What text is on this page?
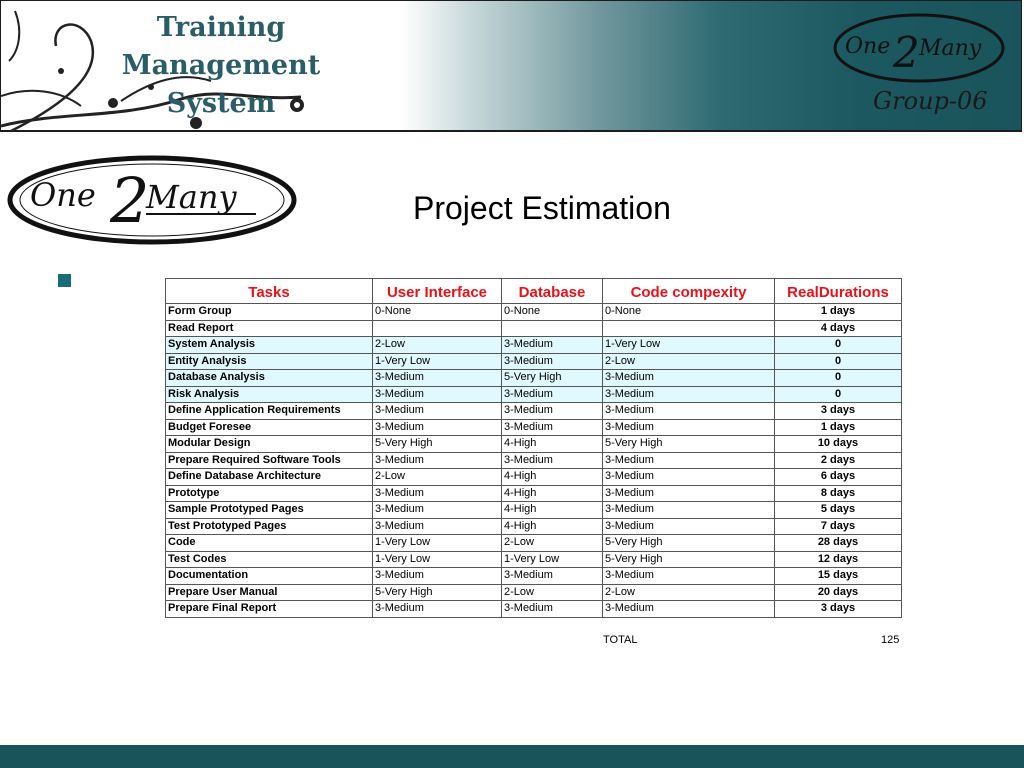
Training Management
System
One 2 Many
Group-06
One 2
Many	Project Estimation
Tasks	User Interface	Database	Code compexity	RealDurations
Form Group	0-None	0-None	0-None	1 days
Read Report				4 days
System Analysis	2-Low	3-Medium	1-Very Low	0
Entity Analysis	1-Very Low	3-Medium	2-Low	0
Database Analysis	3-Medium	5-Very High	3-Medium	0
Risk Analysis	3-Medium	3-Medium	3-Medium	0
Define Application Requirements	3-Medium	3-Medium	3-Medium	3 days
Budget Foresee	3-Medium	3-Medium	3-Medium	1 days
Modular Design	5-Very High	4-High	5-Very High	10 days
Prepare Required Software Tools	3-Medium	3-Medium	3-Medium	2 days
Define Database Architecture	2-Low	4-High	3-Medium	6 days
Prototype	3-Medium	4-High	3-Medium	8 days
Sample Prototyped Pages	3-Medium	4-High	3-Medium	5 days
Test Prototyped Pages	3-Medium	4-High	3-Medium	7 days
Code	1-Very Low	2-Low	5-Very High	28 days
Test Codes	1-Very Low	1-Very Low	5-Very High	12 days
Documentation	3-Medium	3-Medium	3-Medium	15 days
Prepare User Manual	5-Very High	2-Low	2-Low	20 days
Prepare Final Report	3-Medium	3-Medium	3-Medium	3 days
TOTAL	125
